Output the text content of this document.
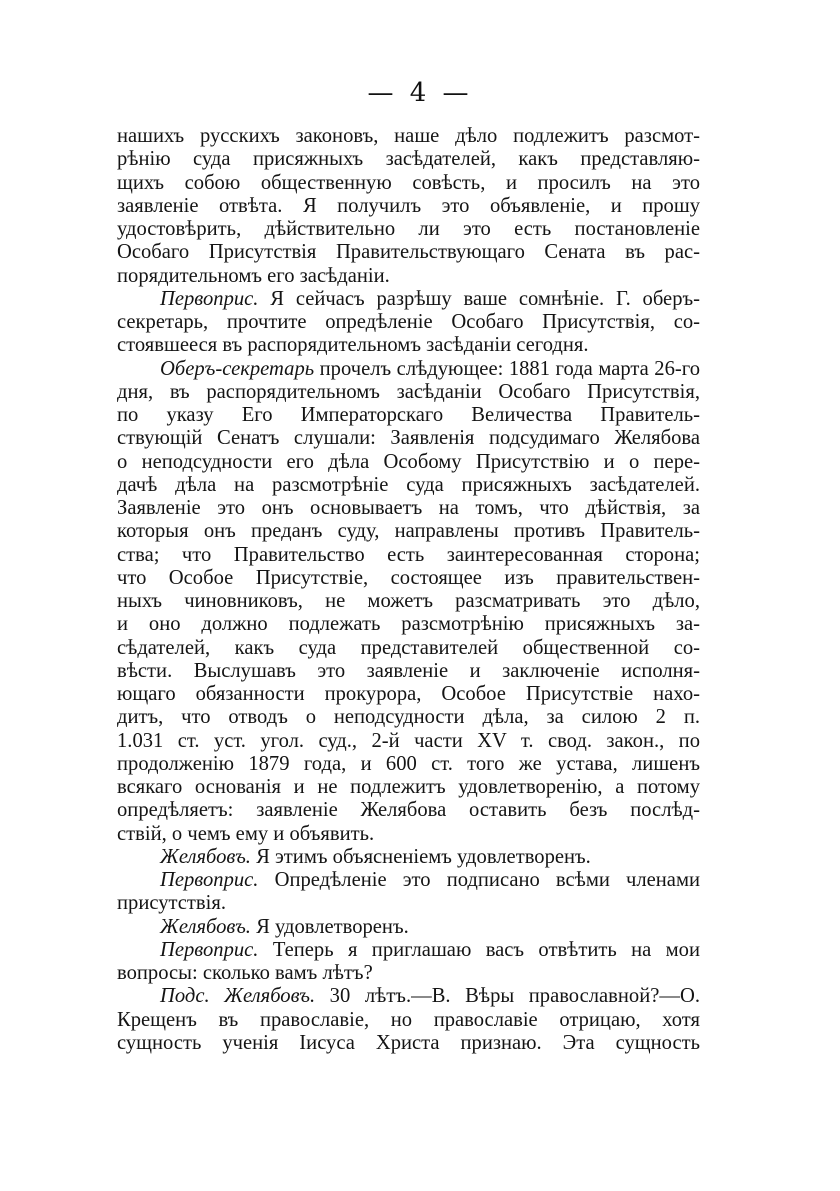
— 4 —
нашихъ русскихъ законовъ, наше дѣло подлежитъ разсмот-
рѣнію суда присяжныхъ засѣдателей, какъ представляю-
щихъ собою общественную совѣсть, и просилъ на это
заявленіе отвѣта. Я получилъ это объявленіе, и прошу
удостовѣрить, дѣйствительно ли это есть постановленіе
Особаго Присутствія Правительствующаго Сената въ рас-
порядительномъ его засѣданіи.
Первоприс. Я сейчасъ разрѣшу ваше сомнѣніе. Г. оберъ-
секретарь, прочтите опредѣленіе Особаго Присутствія, со-
стоявшееся въ распорядительномъ засѣданіи сегодня.
Оберъ-секретарь прочелъ слѣдующее: 1881 года марта 26-го
дня, въ распорядительномъ засѣданіи Особаго Присутствія,
по указу Его Императорскаго Величества Правитель-
ствующій Сенатъ слушали: Заявленія подсудимаго Желябова
о неподсудности его дѣла Особому Присутствію и о пере-
дачѣ дѣла на разсмотрѣніе суда присяжныхъ засѣдателей.
Заявленіе это онъ основываетъ на томъ, что дѣйствія, за
которыя онъ преданъ суду, направлены противъ Правитель-
ства; что Правительство есть заинтересованная сторона;
что Особое Присутствіе, состоящее изъ правительствен-
ныхъ чиновниковъ, не можетъ разсматривать это дѣло,
и оно должно подлежать разсмотрѣнію присяжныхъ за-
сѣдателей, какъ суда представителей общественной со-
вѣсти. Выслушавъ это заявленіе и заключеніе исполня-
ющаго обязанности прокурора, Особое Присутствіе нахо-
дитъ, что отводъ о неподсудности дѣла, за силою 2 п.
1.031 ст. уст. угол. суд., 2-й части XV т. свод. закон., по
продолженію 1879 года, и 600 ст. того же устава, лишенъ
всякаго основанія и не подлежитъ удовлетворенію, а потому
опредѣляетъ: заявленіе Желябова оставить безъ послѣд-
ствій, о чемъ ему и объявить.
Желябовъ. Я этимъ объясненіемъ удовлетворенъ.
Первоприс. Опредѣленіе это подписано всѣми членами
присутствія.
Желябовъ. Я удовлетворенъ.
Первоприс. Теперь я приглашаю васъ отвѣтить на мои
вопросы: сколько вамъ лѣтъ?
Подс. Желябовъ. 30 лѣтъ.—В. Вѣры православной?—О.
Крещенъ въ православіе, но православіе отрицаю, хотя
сущность ученія Іисуса Христа признаю. Эта сущность
